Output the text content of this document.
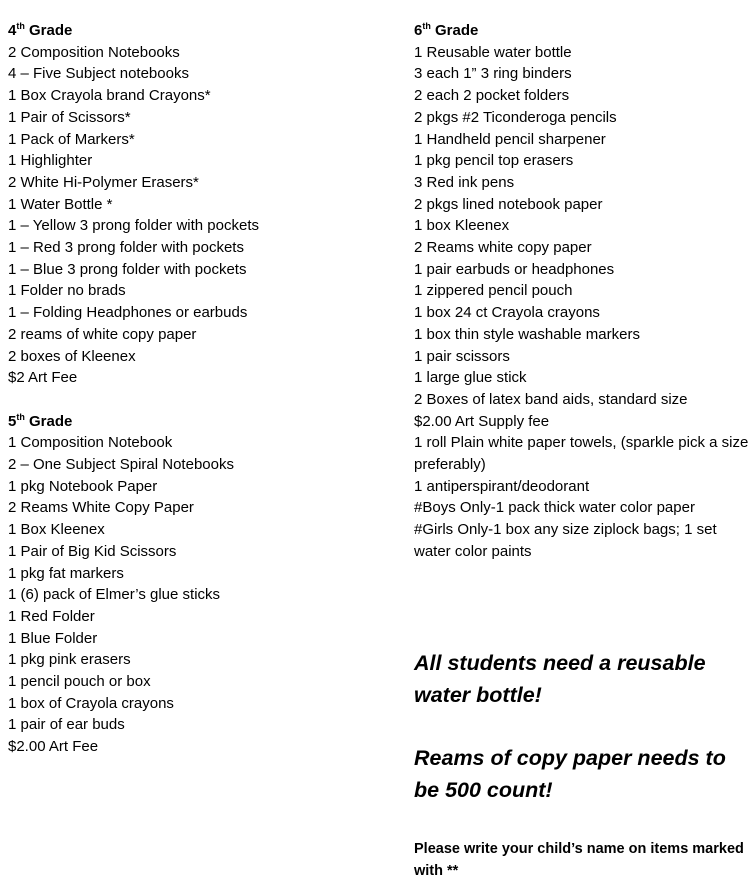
4th Grade
2 Composition Notebooks
4 – Five Subject notebooks
1 Box Crayola brand Crayons*
1 Pair of Scissors*
1 Pack of Markers*
1 Highlighter
2 White Hi-Polymer Erasers*
1 Water Bottle *
1 – Yellow 3 prong folder with pockets
1 – Red 3 prong folder with pockets
1 – Blue 3 prong folder with pockets
1 Folder no brads
1 – Folding Headphones or earbuds
2 reams of white copy paper
2 boxes of Kleenex
$2 Art Fee
5th Grade
1 Composition Notebook
2 – One Subject Spiral Notebooks
1 pkg Notebook Paper
2 Reams White Copy Paper
1 Box Kleenex
1 Pair of Big Kid Scissors
1 pkg fat markers
1 (6) pack of Elmer’s glue sticks
1 Red Folder
1 Blue Folder
1 pkg pink erasers
1 pencil pouch or box
1 box of Crayola crayons
1 pair of ear buds
$2.00 Art Fee
6th Grade
1 Reusable water bottle
3 each 1” 3 ring binders
2 each 2 pocket folders
2 pkgs #2 Ticonderoga pencils
1 Handheld pencil sharpener
1 pkg pencil top erasers
3 Red ink pens
2 pkgs lined notebook paper
1 box Kleenex
2 Reams white copy paper
1 pair earbuds or headphones
1 zippered pencil pouch
1 box 24 ct Crayola crayons
1 box thin style washable markers
1 pair scissors
1 large glue stick
2 Boxes of latex band aids, standard size
$2.00 Art Supply fee
1 roll Plain white paper towels, (sparkle pick a size preferably)
1 antiperspirant/deodorant
#Boys Only-1 pack thick water color paper
#Girls Only-1 box any size ziplock bags; 1 set water color paints
All students need a reusable water bottle!
Reams of copy paper needs to be 500 count!
Please write your child’s name on items marked with **
